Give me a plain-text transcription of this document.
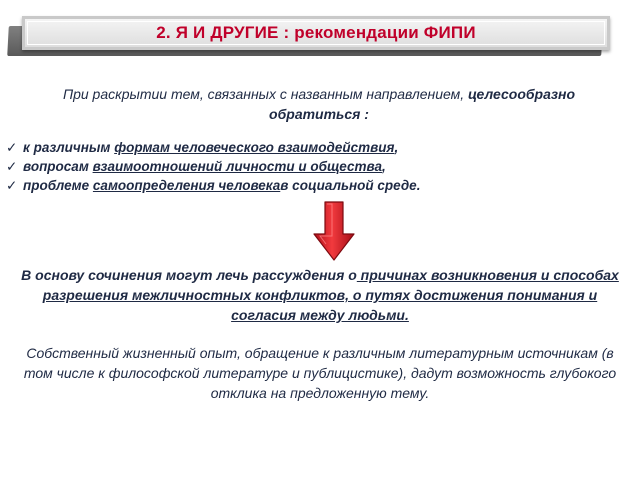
2. Я И ДРУГИЕ : рекомендации ФИПИ
При раскрытии тем, связанных с названным направлением, целесообразно обратиться :
✓ к различным
формам человеческого взаимодействия ,
✓ вопросам
взаимоотношений личности и общества ,
✓ проблеме
самоопределения человека в социальной среде .
В основу сочинения могут лечь рассуждения о причинах возникновения и способах разрешения межличностных конфликтов, о путях достижения понимания и согласия между людьми.
Собственный жизненный опыт, обращение к различным литературным источникам (в том числе к философской литературе и публицистике), дадут возможность глубокого отклика на предложенную тему.
